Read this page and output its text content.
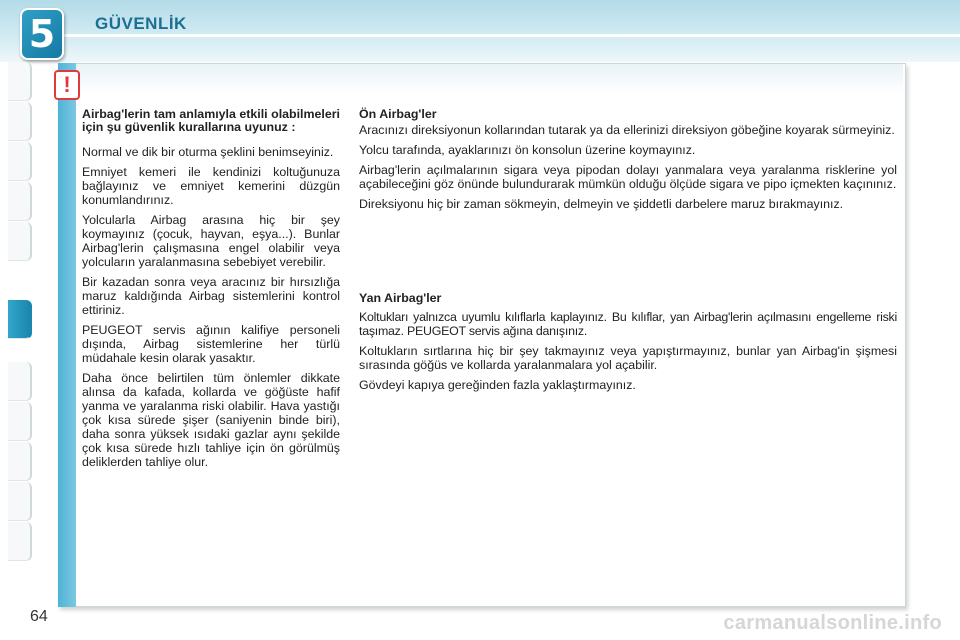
5	GÜVENLİK
!
Airbag'lerin tam anlamıyla etkili olabilmeleri için şu güvenlik kurallarına uyunuz :

Normal ve dik bir oturma şeklini benimseyiniz.

Emniyet kemeri ile kendinizi koltuğunuza bağlayınız ve emniyet kemerini düzgün konumlandırınız.

Yolcularla Airbag arasına hiç bir şey koymayınız (çocuk, hayvan, eşya...). Bunlar Airbag'lerin çalışmasına engel olabilir veya yolcuların yaralanmasına sebebiyet verebilir.

Bir kazadan sonra veya aracınız bir hırsızlığa maruz kaldığında Airbag sistemlerini kontrol ettiriniz.

PEUGEOT servis ağının kalifiye personeli dışında, Airbag sistemlerine her türlü müdahale kesin olarak yasaktır.

Daha önce belirtilen tüm önlemler dikkate alınsa da kafada, kollarda ve göğüste hafif yanma ve yaralanma riski olabilir. Hava yastığı çok kısa sürede şişer (saniyenin binde biri), daha sonra yüksek ısıdaki gazlar aynı şekilde çok kısa sürede hızlı tahliye için ön görülmüş deliklerden tahliye olur.

Ön Airbag'ler

Aracınızı direksiyonun kollarından tutarak ya da ellerinizi direksiyon göbeğine koyarak sürmeyiniz.

Yolcu tarafında, ayaklarınızı ön konsolun üzerine koymayınız.

Airbag'lerin açılmalarının sigara veya pipodan dolayı yanmalara veya yaralanma risklerine yol açabileceğini göz önünde bulundurarak mümkün olduğu ölçüde sigara ve pipo içmekten kaçınınız.

Direksiyonu hiç bir zaman sökmeyin, delmeyin ve şiddetli darbelere maruz bırakmayınız.

Yan Airbag'ler

Koltukları yalnızca uyumlu kılıflarla kaplayınız. Bu kılıflar, yan Airbag'lerin açılmasını engelleme riski taşımaz. PEUGEOT servis ağına danışınız.

Koltukların sırtlarına hiç bir şey takmayınız veya yapıştırmayınız, bunlar yan Airbag'in şişmesi sırasında göğüs ve kollarda yaralanmalara yol açabilir.

Gövdeyi kapıya gereğinden fazla yaklaştırmayınız.

64	carmanualsonline.info
